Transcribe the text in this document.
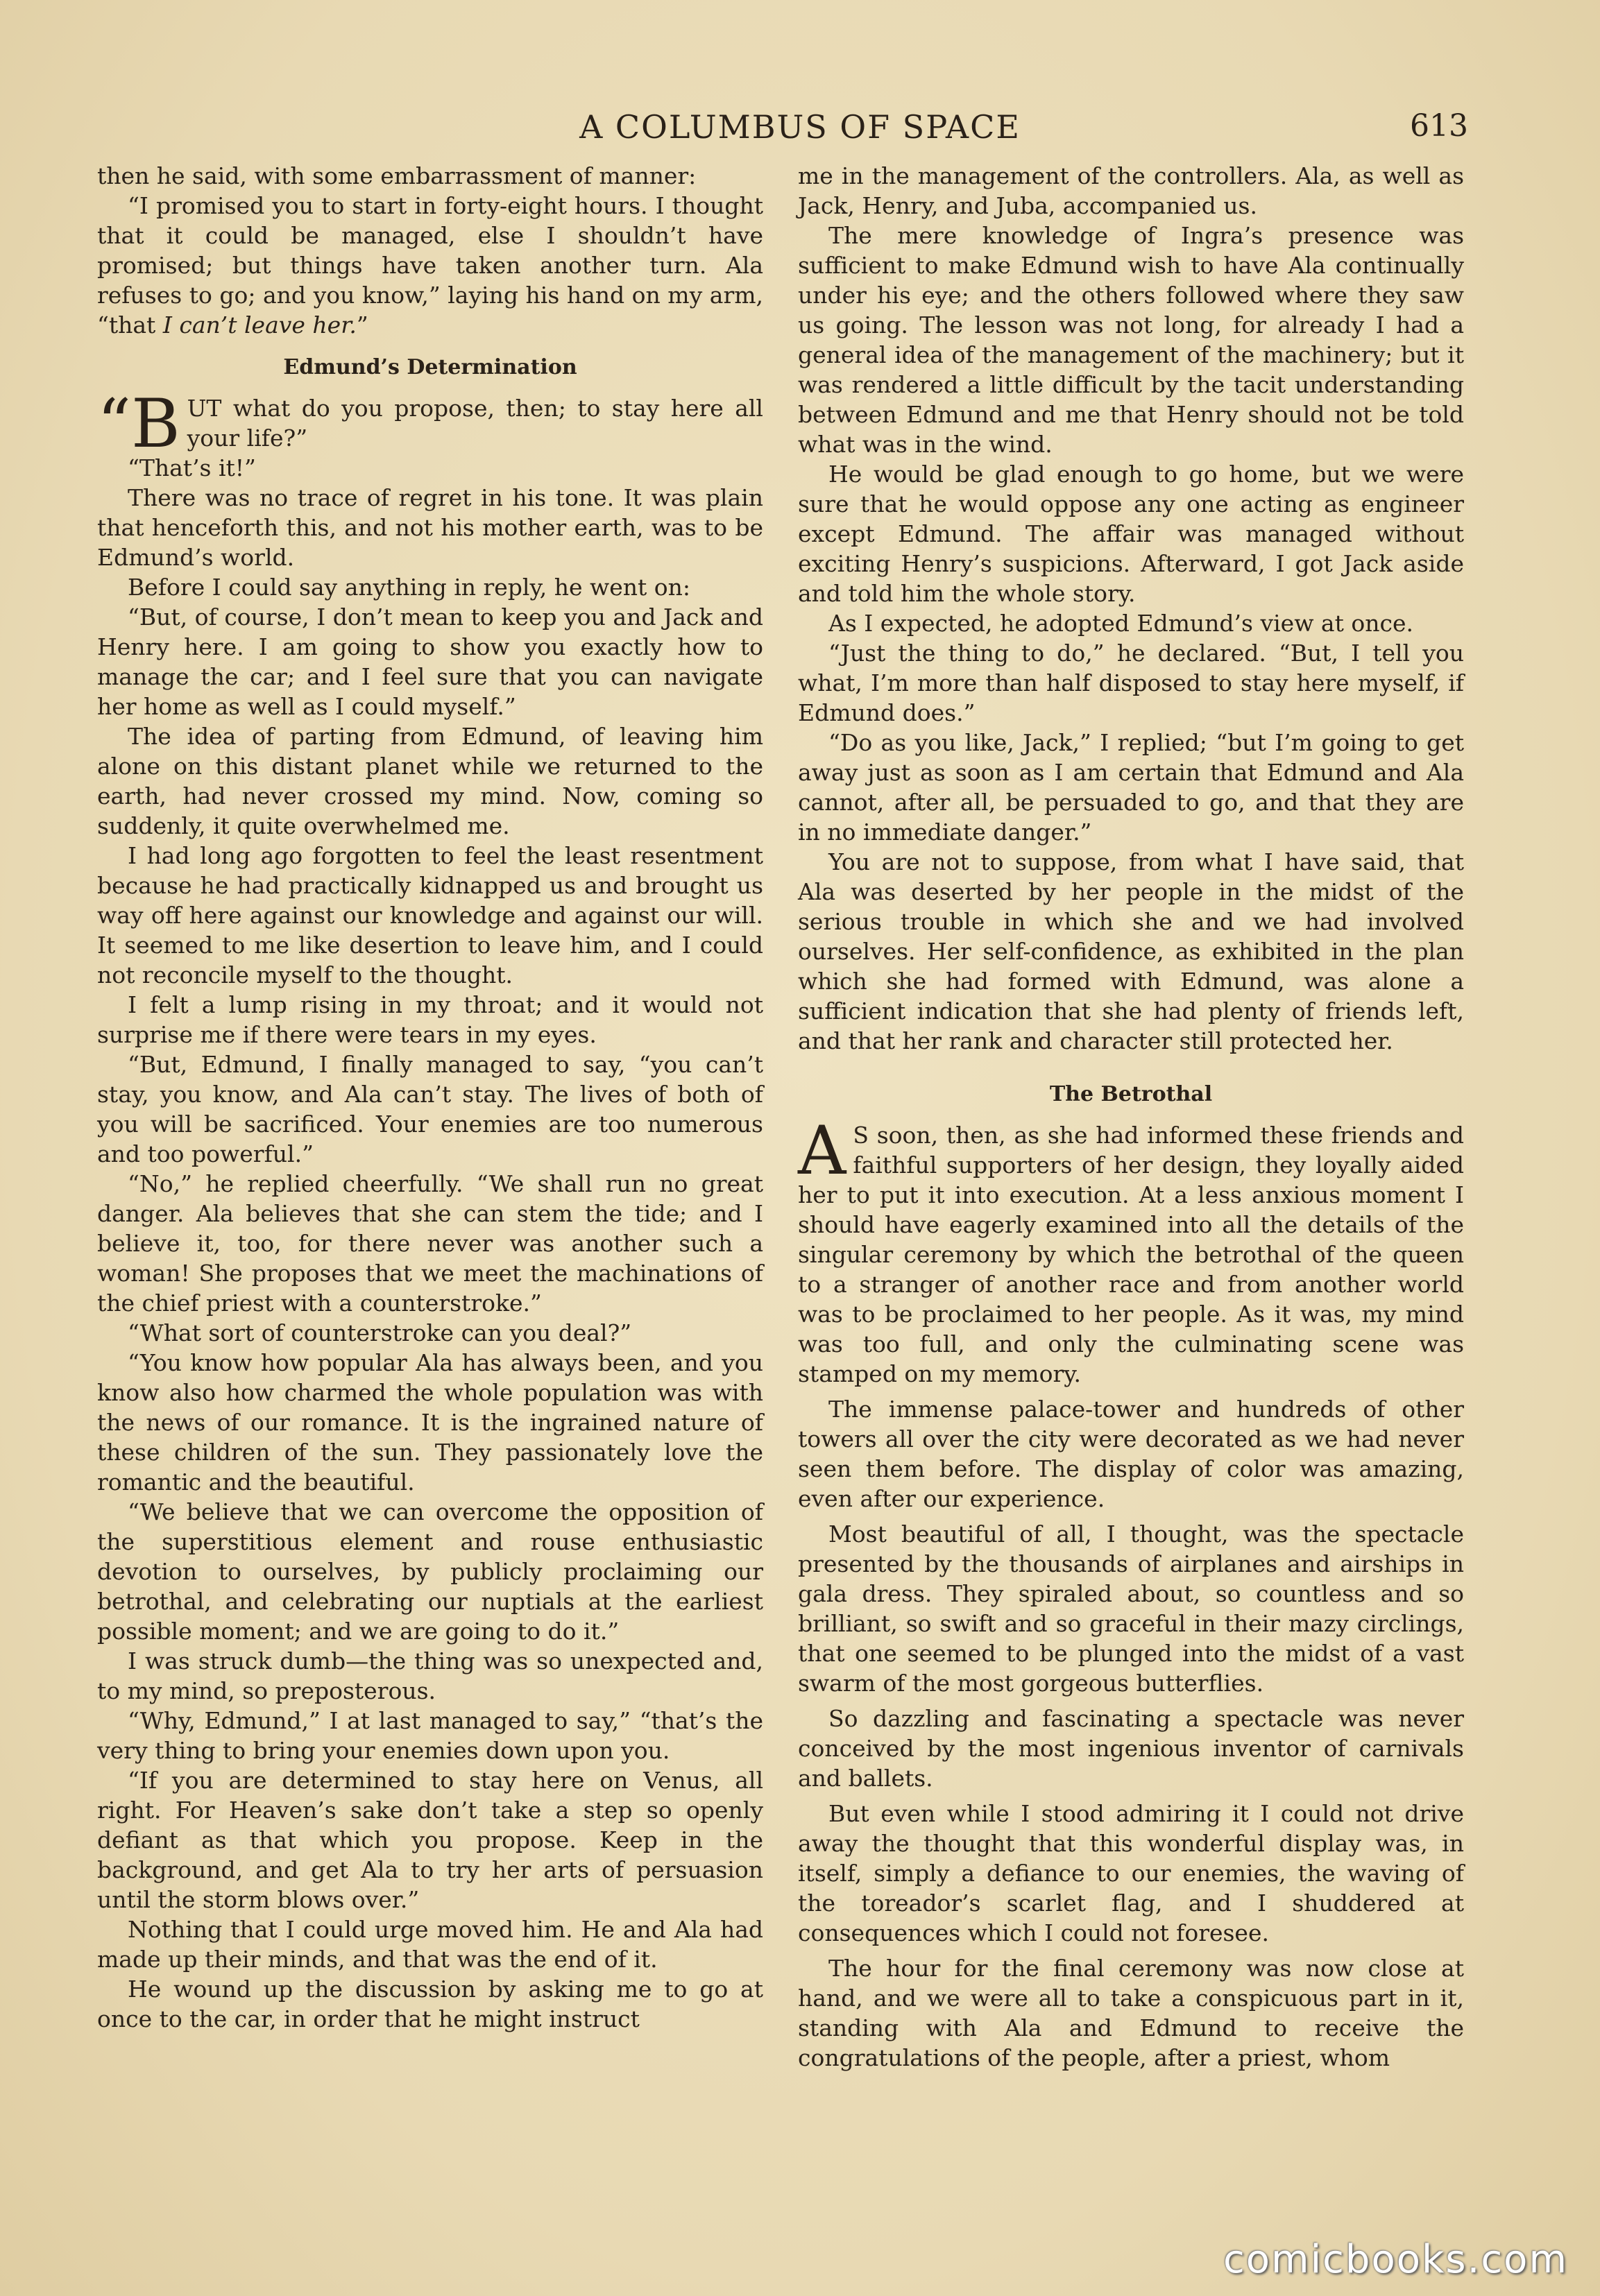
A COLUMBUS OF SPACE	613

then he said, with some embarrassment of manner:

“I promised you to start in forty-eight hours. I thought that it could be managed, else I shouldn’t have promised; but things have taken another turn. Ala refuses to go; and you know,” laying his hand on my arm, “that I can’t leave her.”

Edmund’s Determination

“BUT what do you propose, then; to stay here all your life?”

“That’s it!”

There was no trace of regret in his tone. It was plain that henceforth this, and not his mother earth, was to be Edmund’s world.

Before I could say anything in reply, he went on:

“But, of course, I don’t mean to keep you and Jack and Henry here. I am going to show you exactly how to manage the car; and I feel sure that you can navigate her home as well as I could myself.”

The idea of parting from Edmund, of leaving him alone on this distant planet while we returned to the earth, had never crossed my mind. Now, coming so suddenly, it quite overwhelmed me.

I had long ago forgotten to feel the least resentment because he had practically kidnapped us and brought us way off here against our knowledge and against our will. It seemed to me like desertion to leave him, and I could not reconcile myself to the thought.

I felt a lump rising in my throat; and it would not surprise me if there were tears in my eyes.

“But, Edmund, I finally managed to say, “you can’t stay, you know, and Ala can’t stay. The lives of both of you will be sacrificed. Your enemies are too numerous and too powerful.”

“No,” he replied cheerfully. “We shall run no great danger. Ala believes that she can stem the tide; and I believe it, too, for there never was another such a woman! She proposes that we meet the machinations of the chief priest with a counterstroke.”

“What sort of counterstroke can you deal?”

“You know how popular Ala has always been, and you know also how charmed the whole population was with the news of our romance. It is the ingrained nature of these children of the sun. They passionately love the romantic and the beautiful.

“We believe that we can overcome the opposition of the superstitious element and rouse enthusiastic devotion to ourselves, by publicly proclaiming our betrothal, and celebrating our nuptials at the earliest possible moment; and we are going to do it.”

I was struck dumb—the thing was so unexpected and, to my mind, so preposterous.

“Why, Edmund,” I at last managed to say,” “that’s the very thing to bring your enemies down upon you.

“If you are determined to stay here on Venus, all right. For Heaven’s sake don’t take a step so openly defiant as that which you propose. Keep in the background, and get Ala to try her arts of persuasion until the storm blows over.”

Nothing that I could urge moved him. He and Ala had made up their minds, and that was the end of it.

He wound up the discussion by asking me to go at once to the car, in order that he might instruct

me in the management of the controllers. Ala, as well as Jack, Henry, and Juba, accompanied us.

The mere knowledge of Ingra’s presence was sufficient to make Edmund wish to have Ala continually under his eye; and the others followed where they saw us going. The lesson was not long, for already I had a general idea of the management of the machinery; but it was rendered a little difficult by the tacit understanding between Edmund and me that Henry should not be told what was in the wind.

He would be glad enough to go home, but we were sure that he would oppose any one acting as engineer except Edmund. The affair was managed without exciting Henry’s suspicions. Afterward, I got Jack aside and told him the whole story.

As I expected, he adopted Edmund’s view at once.

“Just the thing to do,” he declared. “But, I tell you what, I’m more than half disposed to stay here myself, if Edmund does.”

“Do as you like, Jack,” I replied; “but I’m going to get away just as soon as I am certain that Edmund and Ala cannot, after all, be persuaded to go, and that they are in no immediate danger.”

You are not to suppose, from what I have said, that Ala was deserted by her people in the midst of the serious trouble in which she and we had involved ourselves. Her self-confidence, as exhibited in the plan which she had formed with Edmund, was alone a sufficient indication that she had plenty of friends left, and that her rank and character still protected her.

The Betrothal

A S soon, then, as she had informed these friends and faithful supporters of her design, they loyally aided her to put it into execution. At a less anxious moment I should have eagerly examined into all the details of the singular ceremony by which the betrothal of the queen to a stranger of another race and from another world was to be proclaimed to her people. As it was, my mind was too full, and only the culminating scene was stamped on my memory.

The immense palace-tower and hundreds of other towers all over the city were decorated as we had never seen them before. The display of color was amazing, even after our experience.

Most beautiful of all, I thought, was the spectacle presented by the thousands of airplanes and airships in gala dress. They spiraled about, so countless and so brilliant, so swift and so graceful in their mazy circlings, that one seemed to be plunged into the midst of a vast swarm of the most gorgeous butterflies.

So dazzling and fascinating a spectacle was never conceived by the most ingenious inventor of carnivals and ballets.

But even while I stood admiring it I could not drive away the thought that this wonderful display was, in itself, simply a defiance to our enemies, the waving of the toreador’s scarlet flag, and I shuddered at consequences which I could not foresee.

The hour for the final ceremony was now close at hand, and we were all to take a conspicuous part in it, standing with Ala and Edmund to receive the congratulations of the people, after a priest, whom

comicbooks.com
